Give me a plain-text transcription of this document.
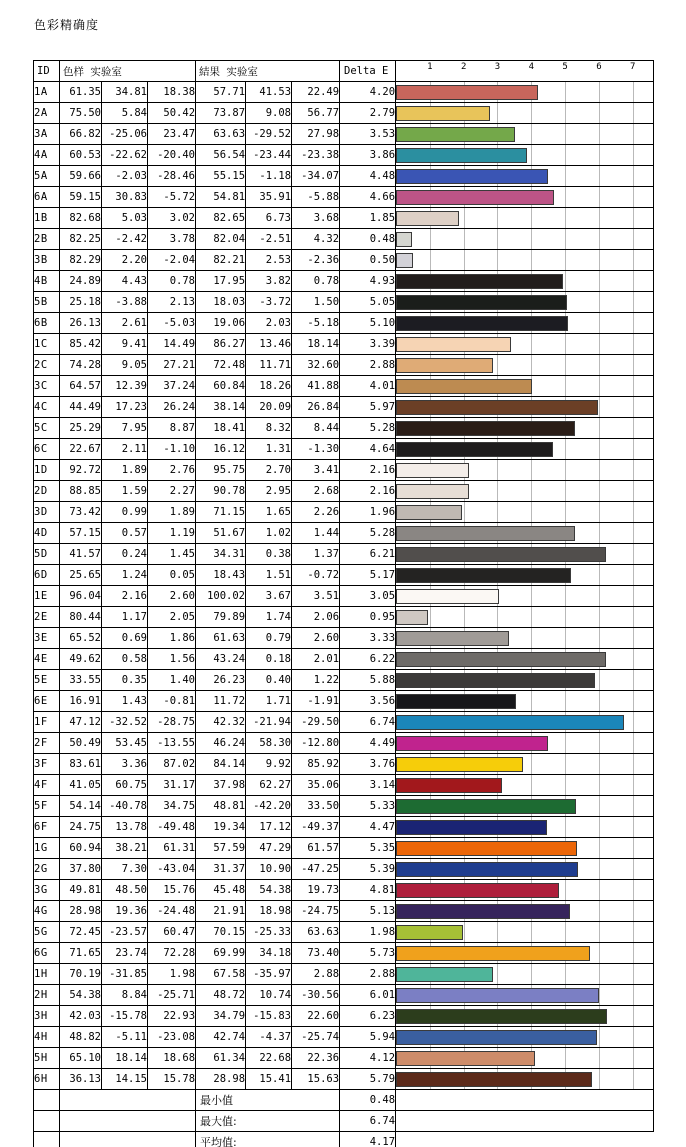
色彩精确度
ID	色样 实验室	結果 实验室	Delta E	1	2	3	4	5	6	7

1A	61.35	34.81	18.38	57.71	41.53	22.49	4.20	

2A	75.50	5.84	50.42	73.87	9.08	56.77	2.79	

3A	66.82	-25.06	23.47	63.63	-29.52	27.98	3.53	

4A	60.53	-22.62	-20.40	56.54	-23.44	-23.38	3.86	

5A	59.66	-2.03	-28.46	55.15	-1.18	-34.07	4.48	

6A	59.15	30.83	-5.72	54.81	35.91	-5.88	4.66	

1B	82.68	5.03	3.02	82.65	6.73	3.68	1.85	

2B	82.25	-2.42	3.78	82.04	-2.51	4.32	0.48	

3B	82.29	2.20	-2.04	82.21	2.53	-2.36	0.50	

4B	24.89	4.43	0.78	17.95	3.82	0.78	4.93	

5B	25.18	-3.88	2.13	18.03	-3.72	1.50	5.05	

6B	26.13	2.61	-5.03	19.06	2.03	-5.18	5.10	

1C	85.42	9.41	14.49	86.27	13.46	18.14	3.39	

2C	74.28	9.05	27.21	72.48	11.71	32.60	2.88	

3C	64.57	12.39	37.24	60.84	18.26	41.88	4.01	

4C	44.49	17.23	26.24	38.14	20.09	26.84	5.97	

5C	25.29	7.95	8.87	18.41	8.32	8.44	5.28	

6C	22.67	2.11	-1.10	16.12	1.31	-1.30	4.64	

1D	92.72	1.89	2.76	95.75	2.70	3.41	2.16	

2D	88.85	1.59	2.27	90.78	2.95	2.68	2.16	

3D	73.42	0.99	1.89	71.15	1.65	2.26	1.96	

4D	57.15	0.57	1.19	51.67	1.02	1.44	5.28	

5D	41.57	0.24	1.45	34.31	0.38	1.37	6.21	

6D	25.65	1.24	0.05	18.43	1.51	-0.72	5.17	

1E	96.04	2.16	2.60	100.02	3.67	3.51	3.05	

2E	80.44	1.17	2.05	79.89	1.74	2.06	0.95	

3E	65.52	0.69	1.86	61.63	0.79	2.60	3.33	

4E	49.62	0.58	1.56	43.24	0.18	2.01	6.22	

5E	33.55	0.35	1.40	26.23	0.40	1.22	5.88	

6E	16.91	1.43	-0.81	11.72	1.71	-1.91	3.56	

1F	47.12	-32.52	-28.75	42.32	-21.94	-29.50	6.74	

2F	50.49	53.45	-13.55	46.24	58.30	-12.80	4.49	

3F	83.61	3.36	87.02	84.14	9.92	85.92	3.76	

4F	41.05	60.75	31.17	37.98	62.27	35.06	3.14	

5F	54.14	-40.78	34.75	48.81	-42.20	33.50	5.33	

6F	24.75	13.78	-49.48	19.34	17.12	-49.37	4.47	

1G	60.94	38.21	61.31	57.59	47.29	61.57	5.35	

2G	37.80	7.30	-43.04	31.37	10.90	-47.25	5.39	

3G	49.81	48.50	15.76	45.48	54.38	19.73	4.81	

4G	28.98	19.36	-24.48	21.91	18.98	-24.75	5.13	

5G	72.45	-23.57	60.47	70.15	-25.33	63.63	1.98	

6G	71.65	23.74	72.28	69.99	34.18	73.40	5.73	

1H	70.19	-31.85	1.98	67.58	-35.97	2.88	2.88	

2H	54.38	8.84	-25.71	48.72	10.74	-30.56	6.01	

3H	42.03	-15.78	22.93	34.79	-15.83	22.60	6.23	

4H	48.82	-5.11	-23.08	42.74	-4.37	-25.74	5.94	

5H	65.10	18.14	18.68	61.34	22.68	22.36	4.12	

6H	36.13	14.15	15.78	28.98	15.41	15.63	5.79	

				最小值			0.48	
				最大值:			6.74	
				平均值:			4.17	
